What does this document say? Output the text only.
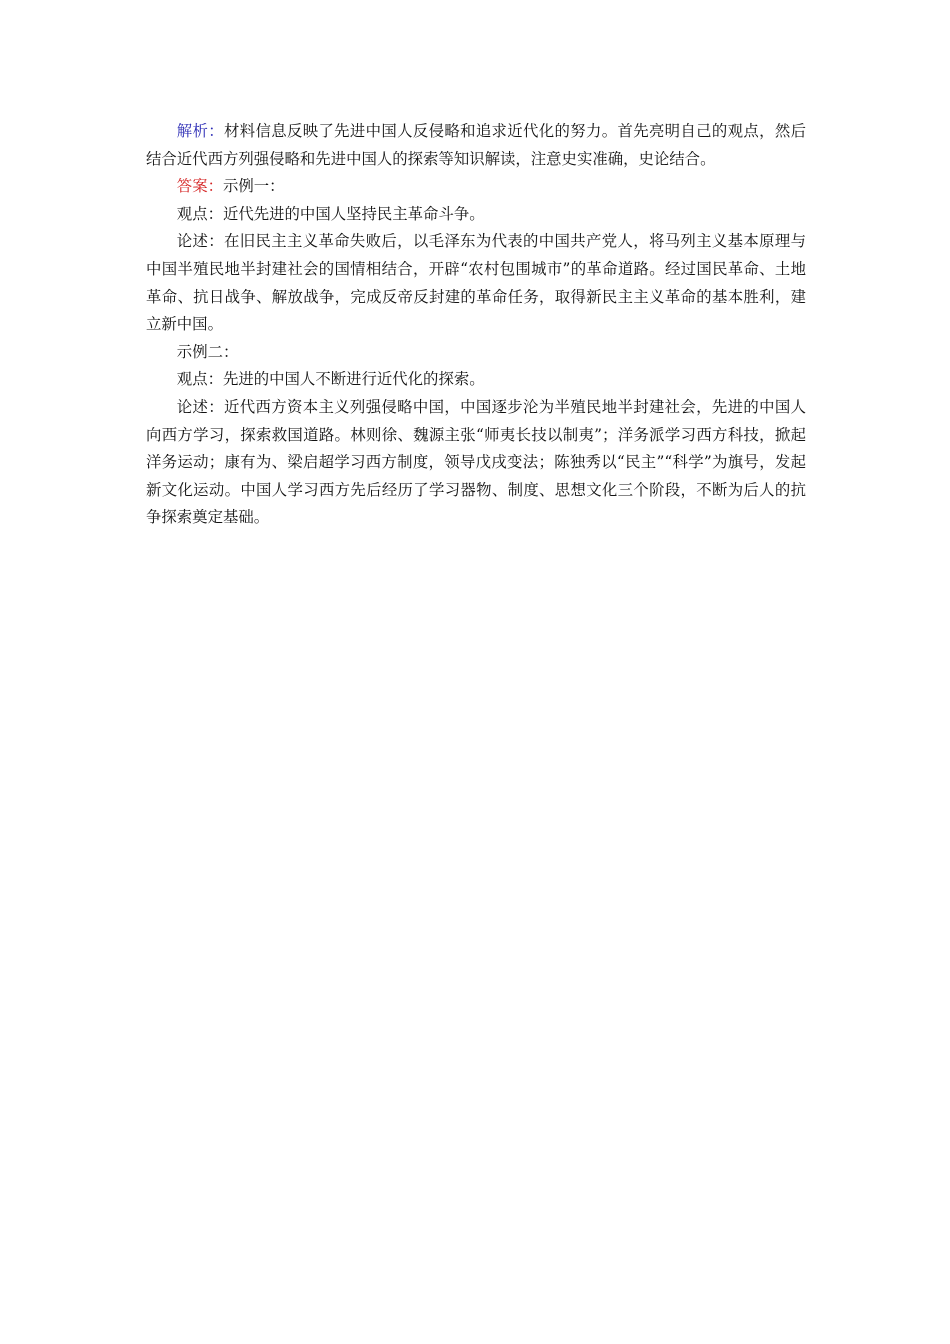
解析：材料信息反映了先进中国人反侵略和追求近代化的努力。首先亮明自己的观点，然后结合近代西方列强侵略和先进中国人的探索等知识解读，注意史实准确，史论结合。

答案：示例一：

观点：近代先进的中国人坚持民主革命斗争。

论述：在旧民主主义革命失败后，以毛泽东为代表的中国共产党人，将马列主义基本原理与中国半殖民地半封建社会的国情相结合，开辟“农村包围城市”的革命道路。经过国民革命、土地革命、抗日战争、解放战争，完成反帝反封建的革命任务，取得新民主主义革命的基本胜利，建立新中国。

示例二：

观点：先进的中国人不断进行近代化的探索。

论述：近代西方资本主义列强侵略中国，中国逐步沦为半殖民地半封建社会，先进的中国人向西方学习，探索救国道路。林则徐、魏源主张“师夷长技以制夷”；洋务派学习西方科技，掀起洋务运动；康有为、梁启超学习西方制度，领导戊戌变法；陈独秀以“民主”“科学”为旗号，发起新文化运动。中国人学习西方先后经历了学习器物、制度、思想文化三个阶段，不断为后人的抗争探索奠定基础。
